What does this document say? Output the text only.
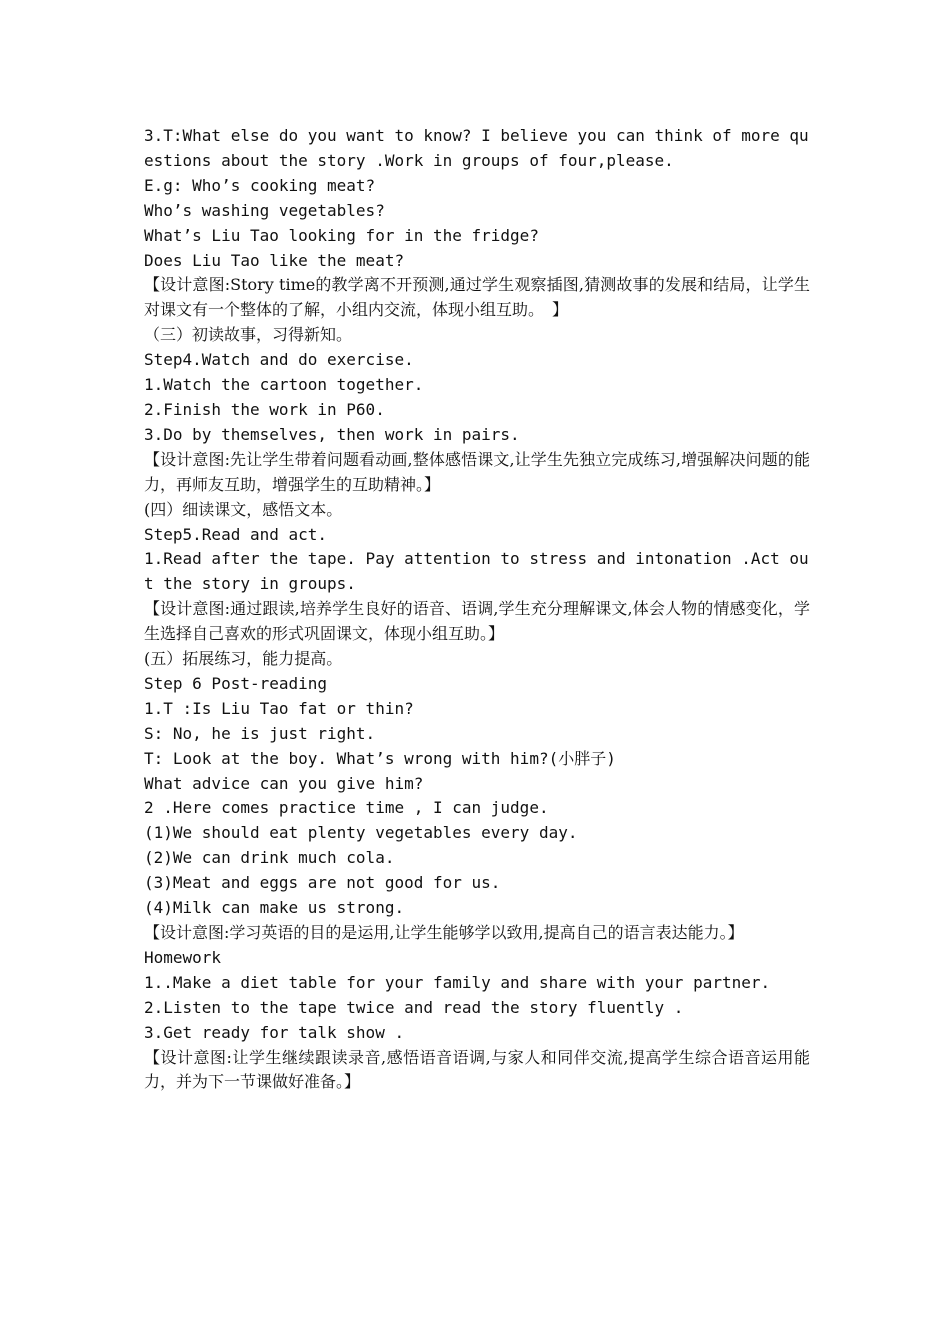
3.T:What else do you want to know? I believe you can think of more questions about the story .Work in groups of four,please.

E.g: Who’s cooking meat?

Who’s washing vegetables?

What’s Liu Tao looking for in the fridge?

Does Liu Tao like the meat?

【设计意图:Story time的教学离不开预测,通过学生观察插图,猜测故事的发展和结局，让学生对课文有一个整体的了解，小组内交流，体现小组互助。　】

（三）初读故事，习得新知。

Step4.Watch and do exercise.

1.Watch the cartoon together.

2.Finish the work in P60.

3.Do by themselves, then work in pairs.

【设计意图:先让学生带着问题看动画,整体感悟课文,让学生先独立完成练习,增强解决问题的能力，再师友互助，增强学生的互助精神。】

(四）细读课文，感悟文本。

Step5.Read and act.

1.Read after the tape. Pay attention to stress and intonation .Act out the story in groups.

【设计意图:通过跟读,培养学生良好的语音、语调,学生充分理解课文,体会人物的情感变化，学生选择自己喜欢的形式巩固课文，体现小组互助。】

(五）拓展练习，能力提高。

Step 6 Post-reading

1.T :Is Liu Tao fat or thin?

S: No, he is just right.

T: Look at the boy. What’s wrong with him?(小胖子)

What advice can you give him?

2 .Here comes practice time , I can judge.

(1)We should eat plenty vegetables every day.

(2)We can drink much cola.

(3)Meat and eggs are not good for us.

(4)Milk can make us strong.

【设计意图:学习英语的目的是运用,让学生能够学以致用,提高自己的语言表达能力。】

Homework

1..Make a diet table for your family and share with your partner.

2.Listen to the tape twice and read the story fluently .

3.Get ready for talk show .

【设计意图:让学生继续跟读录音,感悟语音语调,与家人和同伴交流,提高学生综合语音运用能力，并为下一节课做好准备。】
